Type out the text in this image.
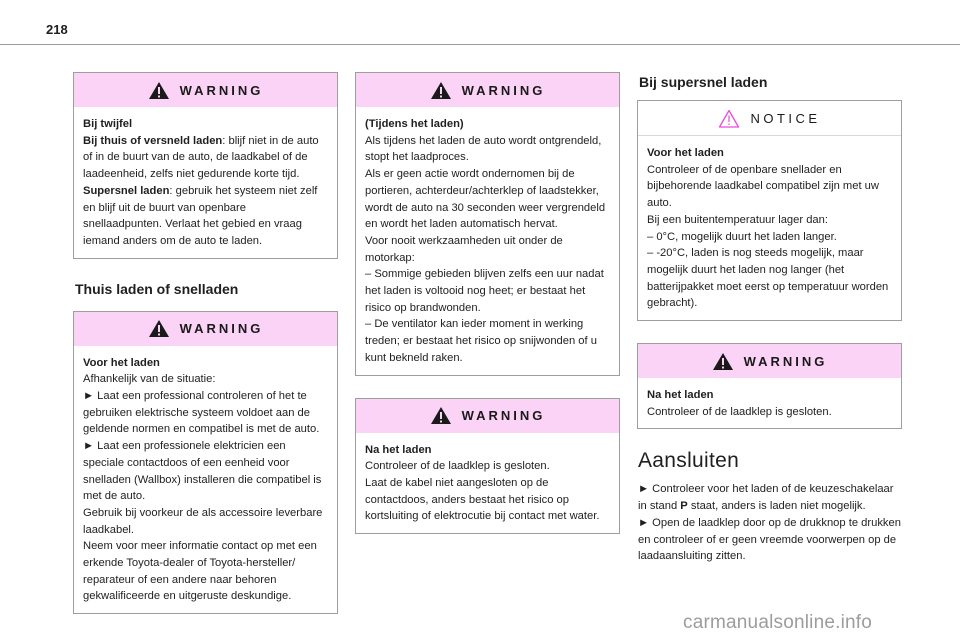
218
WARNING

Bij twijfel

Bij thuis of versneld laden: blijf niet in de auto of in de buurt van de auto, de laadkabel of de laadeenheid, zelfs niet gedurende korte tijd.

Supersnel laden: gebruik het systeem niet zelf en blijf uit de buurt van openbare snellaadpunten. Verlaat het gebied en vraag iemand anders om de auto te laden.

Thuis laden of snelladen
WARNING

Voor het laden

Afhankelijk van de situatie:

► Laat een professional controleren of het te gebruiken elektrische systeem voldoet aan de geldende normen en compatibel is met de auto.

► Laat een professionele elektricien een speciale contactdoos of een eenheid voor snelladen (Wallbox) installeren die compatibel is met de auto.

Gebruik bij voorkeur de als accessoire leverbare laadkabel.

Neem voor meer informatie contact op met een erkende Toyota-dealer of Toyota-hersteller/ reparateur of een andere naar behoren gekwalificeerde en uitgeruste deskundige.

WARNING

(Tijdens het laden)

Als tijdens het laden de auto wordt ontgrendeld, stopt het laadproces.

Als er geen actie wordt ondernomen bij de portieren, achterdeur/achterklep of laadstekker, wordt de auto na 30 seconden weer vergrendeld en wordt het laden automatisch hervat.

Voor nooit werkzaamheden uit onder de motorkap:

– Sommige gebieden blijven zelfs een uur nadat het laden is voltooid nog heet; er bestaat het risico op brandwonden.

– De ventilator kan ieder moment in werking treden; er bestaat het risico op snijwonden of u kunt bekneld raken.

WARNING

Na het laden

Controleer of de laadklep is gesloten.

Laat de kabel niet aangesloten op de contactdoos, anders bestaat het risico op kortsluiting of elektrocutie bij contact met water.

Bij supersnel laden
NOTICE

Voor het laden

Controleer of de openbare snellader en bijbehorende laadkabel compatibel zijn met uw auto.

Bij een buitentemperatuur lager dan:

– 0°C, mogelijk duurt het laden langer.

– -20°C, laden is nog steeds mogelijk, maar mogelijk duurt het laden nog langer (het batterijpakket moet eerst op temperatuur worden gebracht).

WARNING

Na het laden

Controleer of de laadklep is gesloten.

Aansluiten

► Controleer voor het laden of de keuzeschakelaar in stand P staat, anders is laden niet mogelijk.

► Open de laadklep door op de drukknop te drukken en controleer of er geen vreemde voorwerpen op de laadaansluiting zitten.

carmanualsonline.info
